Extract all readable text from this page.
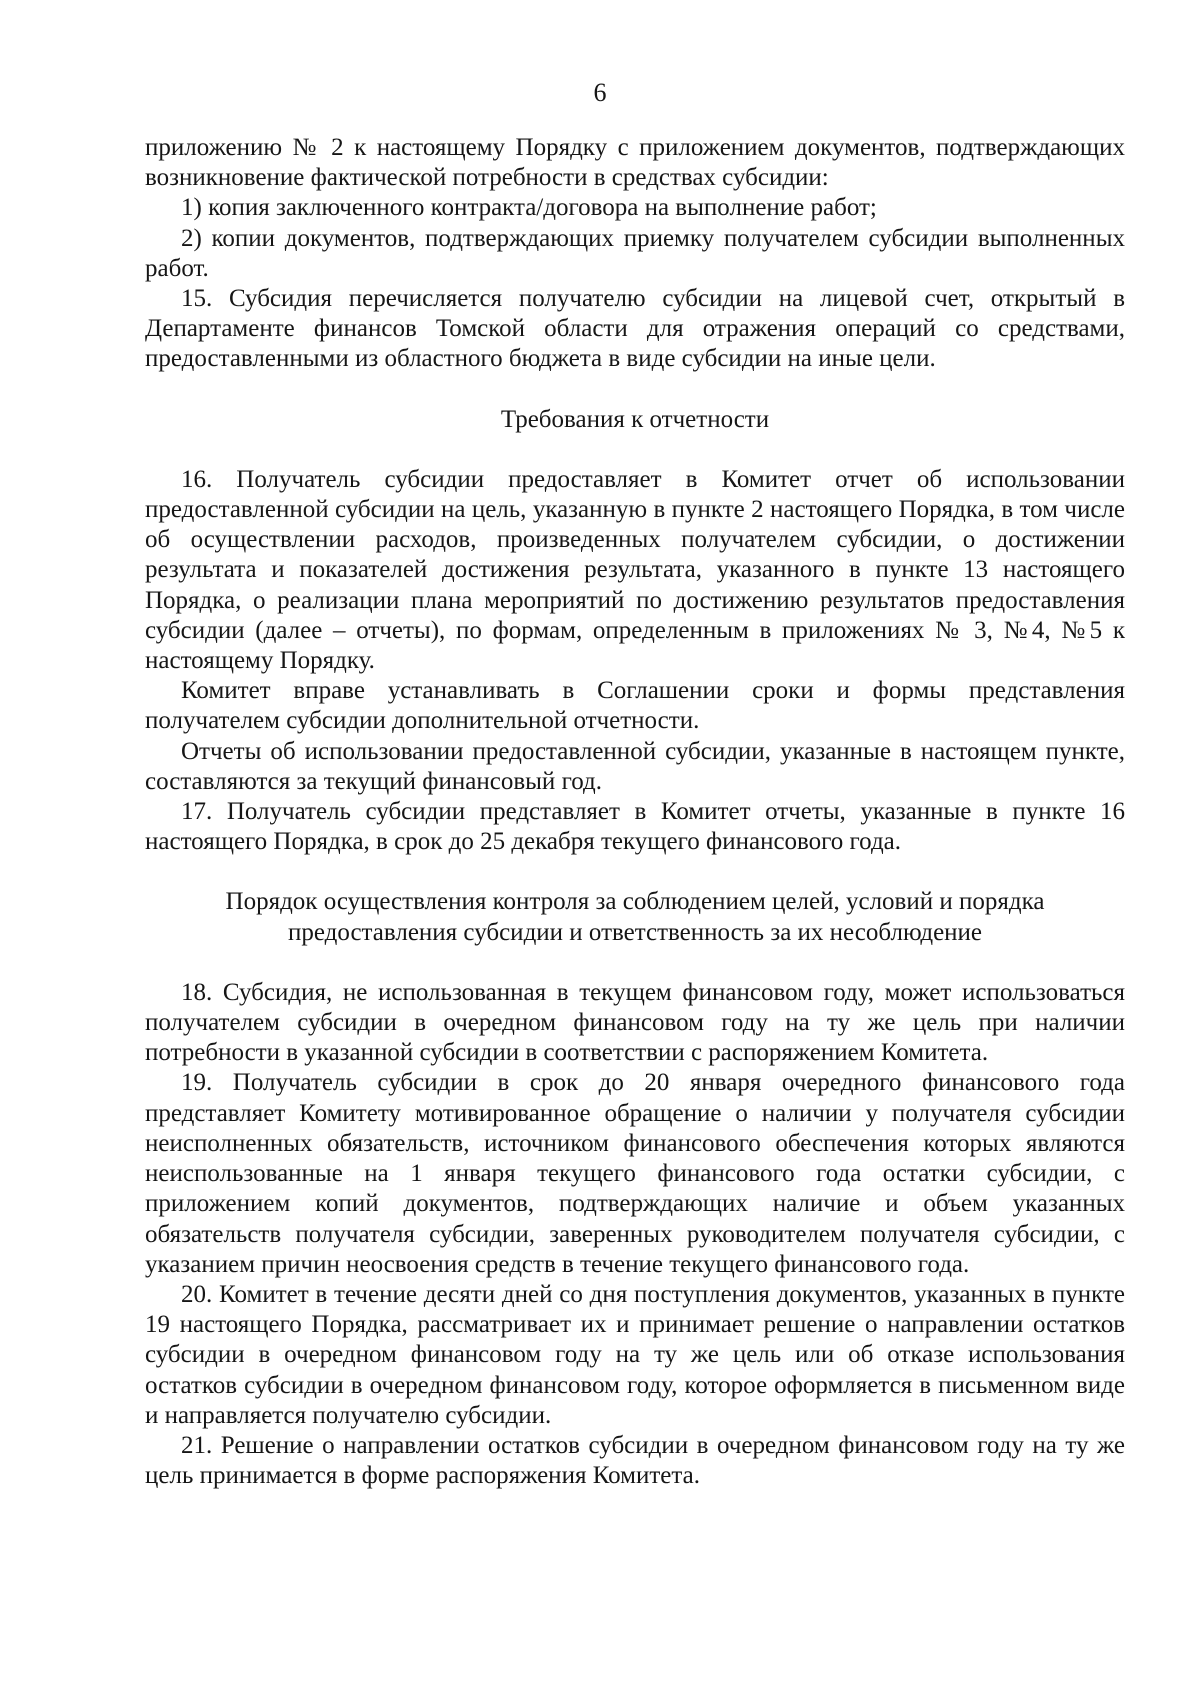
6

приложению № 2 к настоящему Порядку с приложением документов, подтверждающих возникновение фактической потребности в средствах субсидии:

1) копия заключенного контракта/договора на выполнение работ;

2) копии документов, подтверждающих приемку получателем субсидии выполненных работ.

15. Субсидия перечисляется получателю субсидии на лицевой счет, открытый в Департаменте финансов Томской области для отражения операций со средствами, предоставленными из областного бюджета в виде субсидии на иные цели.

Требования к отчетности

16. Получатель субсидии предоставляет в Комитет отчет об использовании предоставленной субсидии на цель, указанную в пункте 2 настоящего Порядка, в том числе об осуществлении расходов, произведенных получателем субсидии, о достижении результата и показателей достижения результата, указанного в пункте 13 настоящего Порядка, о реализации плана мероприятий по достижению результатов предоставления субсидии (далее – отчеты), по формам, определенным в приложениях № 3, №4, №5 к настоящему Порядку.

Комитет вправе устанавливать в Соглашении сроки и формы представления получателем субсидии дополнительной отчетности.

Отчеты об использовании предоставленной субсидии, указанные в настоящем пункте, составляются за текущий финансовый год.

17. Получатель субсидии представляет в Комитет отчеты, указанные в пункте 16 настоящего Порядка, в срок до 25 декабря текущего финансового года.

Порядок осуществления контроля за соблюдением целей, условий и порядка предоставления субсидии и ответственность за их несоблюдение

18. Субсидия, не использованная в текущем финансовом году, может использоваться получателем субсидии в очередном финансовом году на ту же цель при наличии потребности в указанной субсидии в соответствии с распоряжением Комитета.

19. Получатель субсидии в срок до 20 января очередного финансового года представляет Комитету мотивированное обращение о наличии у получателя субсидии неисполненных обязательств, источником финансового обеспечения которых являются неиспользованные на 1 января текущего финансового года остатки субсидии, с приложением копий документов, подтверждающих наличие и объем указанных обязательств получателя субсидии, заверенных руководителем получателя субсидии, с указанием причин неосвоения средств в течение текущего финансового года.

20. Комитет в течение десяти дней со дня поступления документов, указанных в пункте 19 настоящего Порядка, рассматривает их и принимает решение о направлении остатков субсидии в очередном финансовом году на ту же цель или об отказе использования остатков субсидии в очередном финансовом году, которое оформляется в письменном виде и направляется получателю субсидии.

21. Решение о направлении остатков субсидии в очередном финансовом году на ту же цель принимается в форме распоряжения Комитета.
